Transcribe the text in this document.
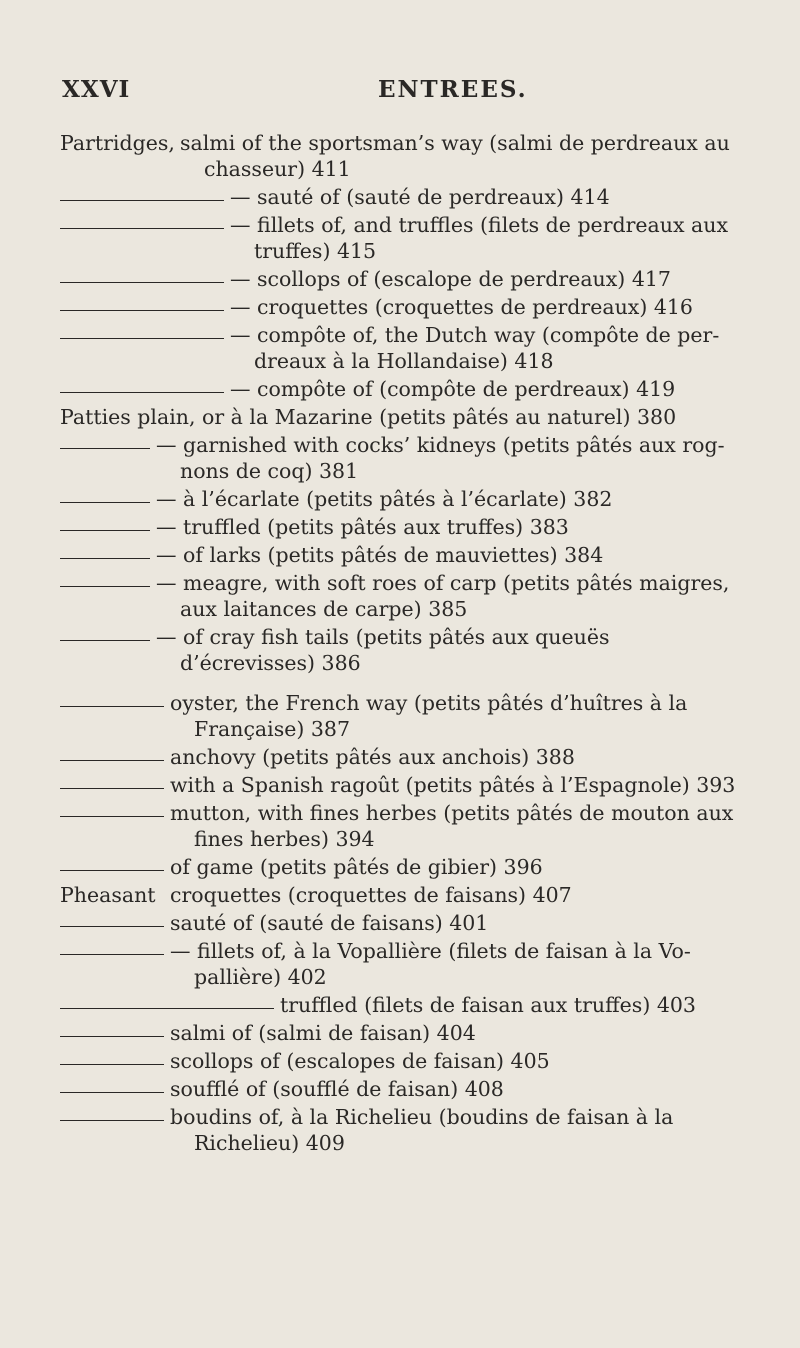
XXVI	ENTREES.
Partridges, salmi of the sportsman’s way (salmi de perdreaux au chasseur) 411
— sauté of (sauté de perdreaux) 414
— fillets of, and truffles (filets de perdreaux aux truffes) 415
— scollops of (escalope de perdreaux) 417
— croquettes (croquettes de perdreaux) 416
— compôte of, the Dutch way (compôte de per-dreaux à la Hollandaise) 418
— compôte of (compôte de perdreaux) 419
Patties plain, or à la Mazarine (petits pâtés au naturel) 380
— garnished with cocks’ kidneys (petits pâtés aux rog-nons de coq) 381
— à l’écarlate (petits pâtés à l’écarlate) 382
— truffled (petits pâtés aux truffes) 383
— of larks (petits pâtés de mauviettes) 384
— meagre, with soft roes of carp (petits pâtés maigres, aux laitances de carpe) 385
— of cray fish tails (petits pâtés aux queuës d’écrevisses) 386
oyster, the French way (petits pâtés d’huîtres à la Française) 387
anchovy (petits pâtés aux anchois) 388
with a Spanish ragoût (petits pâtés à l’Espagnole) 393
mutton, with fines herbes (petits pâtés de mouton aux fines herbes) 394
of game (petits pâtés de gibier) 396
Pheasant croquettes (croquettes de faisans) 407
sauté of (sauté de faisans) 401
— fillets of, à la Vopallière (filets de faisan à la Vo-pallière) 402
truffled (filets de faisan aux truffes) 403
salmi of (salmi de faisan) 404
scollops of (escalopes de faisan) 405
soufflé of (soufflé de faisan) 408
boudins of, à la Richelieu (boudins de faisan à la Richelieu) 409
